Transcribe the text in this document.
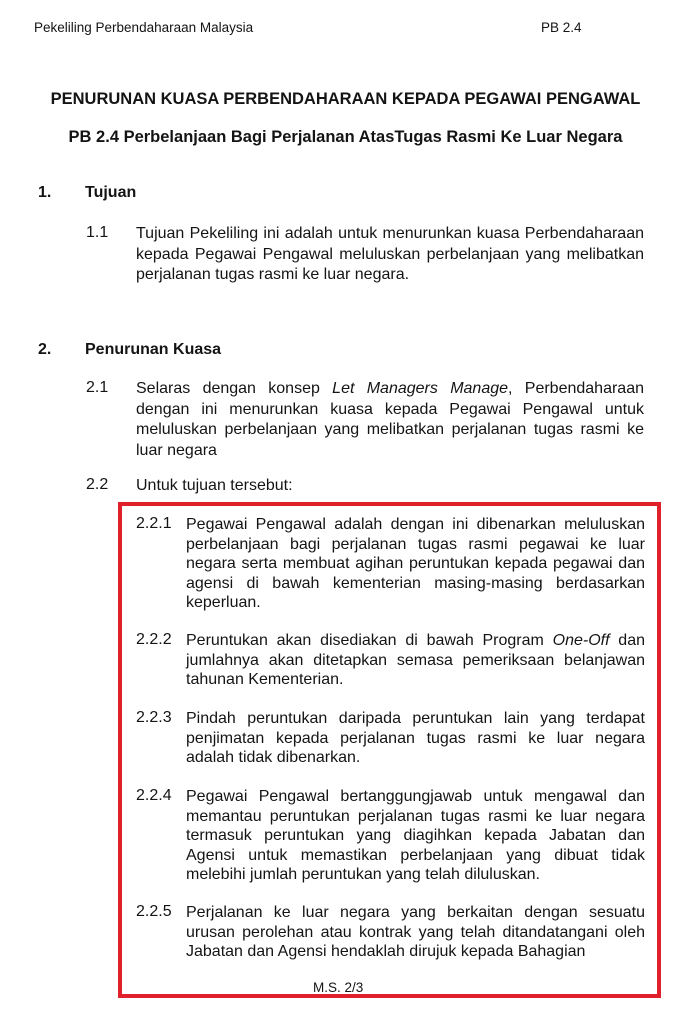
Pekeliling Perbendaharaan Malaysia	PB 2.4
PENURUNAN KUASA PERBENDAHARAAN KEPADA PEGAWAI PENGAWAL
PB 2.4 Perbelanjaan Bagi Perjalanan AtasTugas Rasmi Ke Luar Negara
1. Tujuan
1.1 Tujuan Pekeliling ini adalah untuk menurunkan kuasa Perbendaharaan kepada Pegawai Pengawal meluluskan perbelanjaan yang melibatkan perjalanan tugas rasmi ke luar negara.
2. Penurunan Kuasa
2.1 Selaras dengan konsep Let Managers Manage, Perbendaharaan dengan ini menurunkan kuasa kepada Pegawai Pengawal untuk meluluskan perbelanjaan yang melibatkan perjalanan tugas rasmi ke luar negara
2.2 Untuk tujuan tersebut:
2.2.1 Pegawai Pengawal adalah dengan ini dibenarkan meluluskan perbelanjaan bagi perjalanan tugas rasmi pegawai ke luar negara serta membuat agihan peruntukan kepada pegawai dan agensi di bawah kementerian masing-masing berdasarkan keperluan.
2.2.2 Peruntukan akan disediakan di bawah Program One-Off dan jumlahnya akan ditetapkan semasa pemeriksaan belanjawan tahunan Kementerian.
2.2.3 Pindah peruntukan daripada peruntukan lain yang terdapat penjimatan kepada perjalanan tugas rasmi ke luar negara adalah tidak dibenarkan.
2.2.4 Pegawai Pengawal bertanggungjawab untuk mengawal dan memantau peruntukan perjalanan tugas rasmi ke luar negara termasuk peruntukan yang diagihkan kepada Jabatan dan Agensi untuk memastikan perbelanjaan yang dibuat tidak melebihi jumlah peruntukan yang telah diluluskan.
2.2.5 Perjalanan ke luar negara yang berkaitan dengan sesuatu urusan perolehan atau kontrak yang telah ditandatangani oleh Jabatan dan Agensi hendaklah dirujuk kepada Bahagian
M.S. 2/3
